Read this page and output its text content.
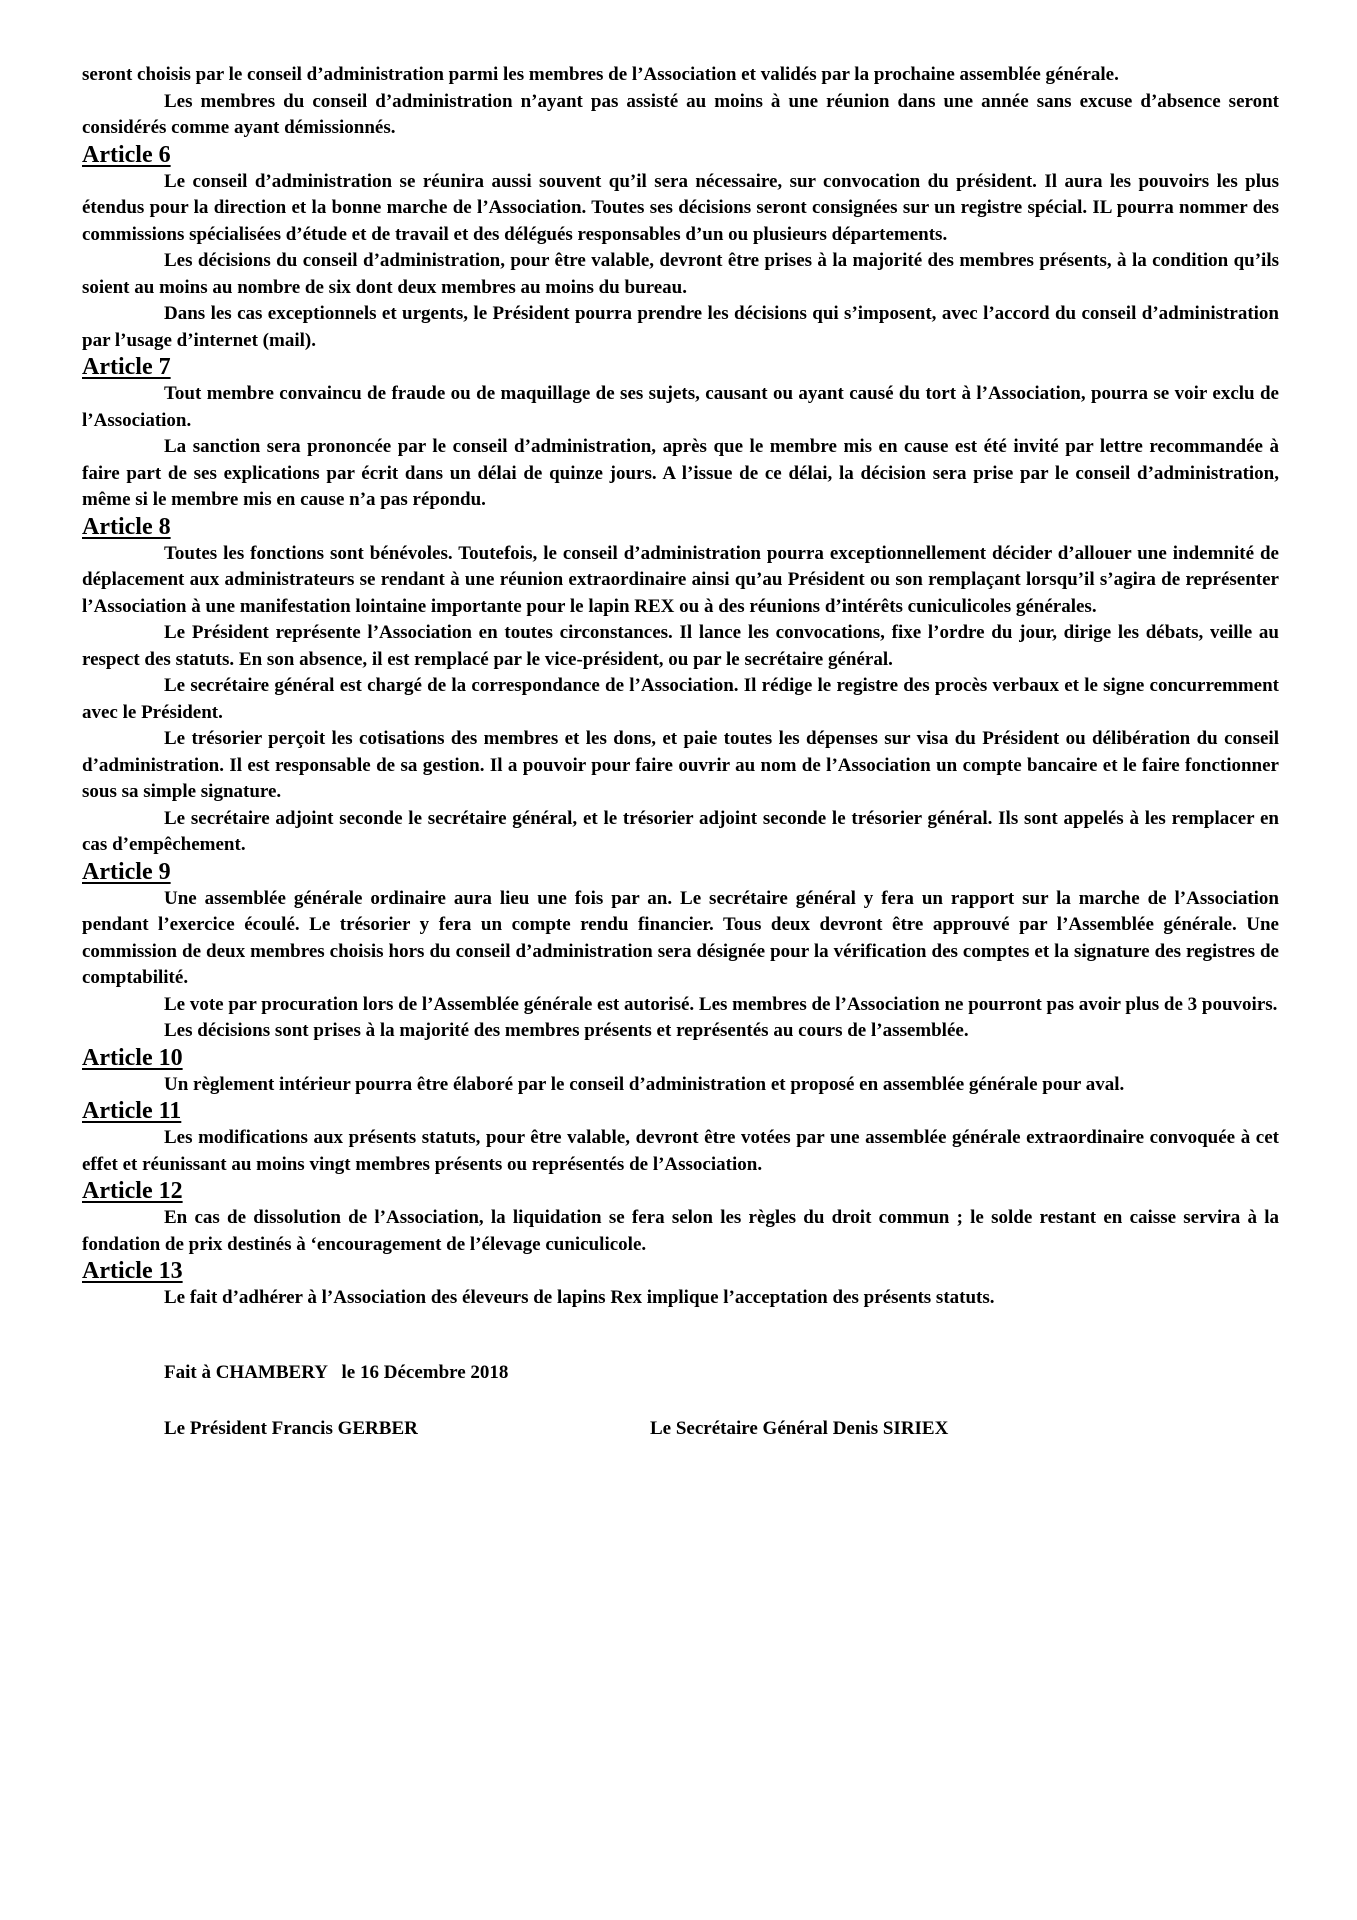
seront choisis par le conseil d’administration parmi les membres de l’Association et validés par la prochaine assemblée générale.

Les membres du conseil d’administration n’ayant pas assisté au moins à une réunion dans une année sans excuse d’absence seront considérés comme ayant démissionnés.

Article 6

Le conseil d’administration se réunira aussi souvent qu’il sera nécessaire, sur convocation du président. Il aura les pouvoirs les plus étendus pour la direction et la bonne marche de l’Association. Toutes ses décisions seront consignées sur un registre spécial. IL pourra nommer des commissions spécialisées d’étude et de travail et des délégués responsables d’un ou plusieurs départements.

Les décisions du conseil d’administration, pour être valable, devront être prises à la majorité des membres présents, à la condition qu’ils soient au moins au nombre de six dont deux membres au moins du bureau.

Dans les cas exceptionnels et urgents, le Président pourra prendre les décisions qui s’imposent, avec l’accord du conseil d’administration par l’usage d’internet (mail).

Article 7

Tout membre convaincu de fraude ou de maquillage de ses sujets, causant ou ayant causé du tort à l’Association, pourra se voir exclu de l’Association.

La sanction sera prononcée par le conseil d’administration, après que le membre mis en cause est été invité par lettre recommandée à faire part de ses explications par écrit dans un délai de quinze jours. A l’issue de ce délai, la décision sera prise par le conseil d’administration, même si le membre mis en cause n’a pas répondu.

Article 8

Toutes les fonctions sont bénévoles. Toutefois, le conseil d’administration pourra exceptionnellement décider d’allouer une indemnité de déplacement aux administrateurs se rendant à une réunion extraordinaire ainsi qu’au Président ou son remplaçant lorsqu’il s’agira de représenter l’Association à une manifestation lointaine importante pour le lapin REX ou à des réunions d’intérêts cuniculicoles générales.

Le Président représente l’Association en toutes circonstances. Il lance les convocations, fixe l’ordre du jour, dirige les débats, veille au respect des statuts. En son absence, il est remplacé par le vice-président, ou par le secrétaire général.

Le secrétaire général est chargé de la correspondance de l’Association. Il rédige le registre des procès verbaux et le signe concurremment avec le Président.

Le trésorier perçoit les cotisations des membres et les dons, et paie toutes les dépenses sur visa du Président ou délibération du conseil d’administration. Il est responsable de sa gestion. Il a pouvoir pour faire ouvrir au nom de l’Association un compte bancaire et le faire fonctionner sous sa simple signature.

Le secrétaire adjoint seconde le secrétaire général, et le trésorier adjoint seconde le trésorier général. Ils sont appelés à les remplacer en cas d’empêchement.

Article 9

Une assemblée générale ordinaire aura lieu une fois par an. Le secrétaire général y fera un rapport sur la marche de l’Association pendant l’exercice écoulé. Le trésorier y fera un compte rendu financier. Tous deux devront être approuvé par l’Assemblée générale. Une commission de deux membres choisis hors du conseil d’administration sera désignée pour la vérification des comptes et la signature des registres de comptabilité.

Le vote par procuration lors de l’Assemblée générale est autorisé. Les membres de l’Association ne pourront pas avoir plus de 3 pouvoirs.

Les décisions sont prises à la majorité des membres présents et représentés au cours de l’assemblée.

Article 10

Un règlement intérieur pourra être élaboré par le conseil d’administration et proposé en assemblée générale pour aval.

Article 11

Les modifications aux présents statuts, pour être valable, devront être votées par une assemblée générale extraordinaire convoquée à cet effet et réunissant au moins vingt membres présents ou représentés de l’Association.

Article 12

En cas de dissolution de l’Association, la liquidation se fera selon les règles du droit commun ; le solde restant en caisse servira à la fondation de prix destinés à ‘encouragement de l’élevage cuniculicole.

Article 13

Le fait d’adhérer à l’Association des éleveurs de lapins Rex implique l’acceptation des présents statuts.

Fait à CHAMBERY   le 16 Décembre 2018
Le Président Francis GERBER	Le Secrétaire Général Denis SIRIEX
